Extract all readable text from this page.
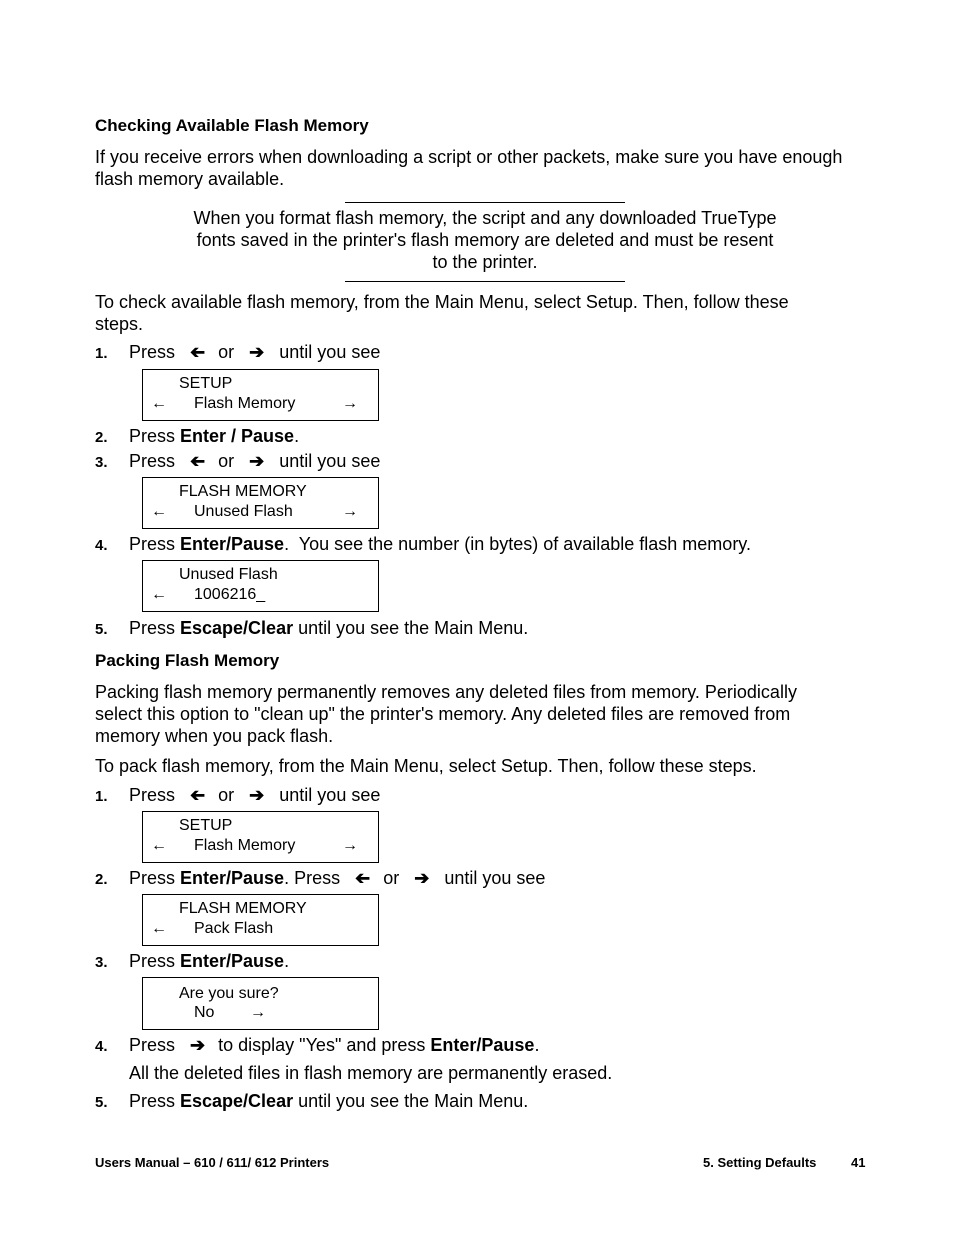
Checking Available Flash Memory
If you receive errors when downloading a script or other packets, make sure you have enough
flash memory available.
When you format flash memory, the script and any downloaded TrueType
fonts saved in the printer's flash memory are deleted and must be resent
to the printer.
To check available flash memory, from the Main Menu, select Setup. Then, follow these
steps.
1. Press ➔ or ➔ until you see
SETUP
← Flash Memory	→
2. Press Enter / Pause.
3. Press ➔ or ➔ until you see
FLASH MEMORY
← Unused Flash	→
4. Press Enter/Pause.  You see the number (in bytes) of available flash memory.
Unused Flash
← 1006216_
5. Press Escape/Clear until you see the Main Menu.
Packing Flash Memory
Packing flash memory permanently removes any deleted files from memory. Periodically
select this option to "clean up" the printer's memory. Any deleted files are removed from
memory when you pack flash.
To pack flash memory, from the Main Menu, select Setup. Then, follow these steps.
1. Press ➔ or ➔ until you see
SETUP
← Flash Memory	→
2. Press Enter/Pause. Press ➔ or ➔ until you see
FLASH MEMORY
← Pack Flash
3. Press Enter/Pause.
Are you sure?
No →
4. Press ➔ to display "Yes" and press Enter/Pause.
All the deleted files in flash memory are permanently erased.
5. Press Escape/Clear until you see the Main Menu.
Users Manual – 610 / 611/ 612 Printers	5. Setting Defaults	41
